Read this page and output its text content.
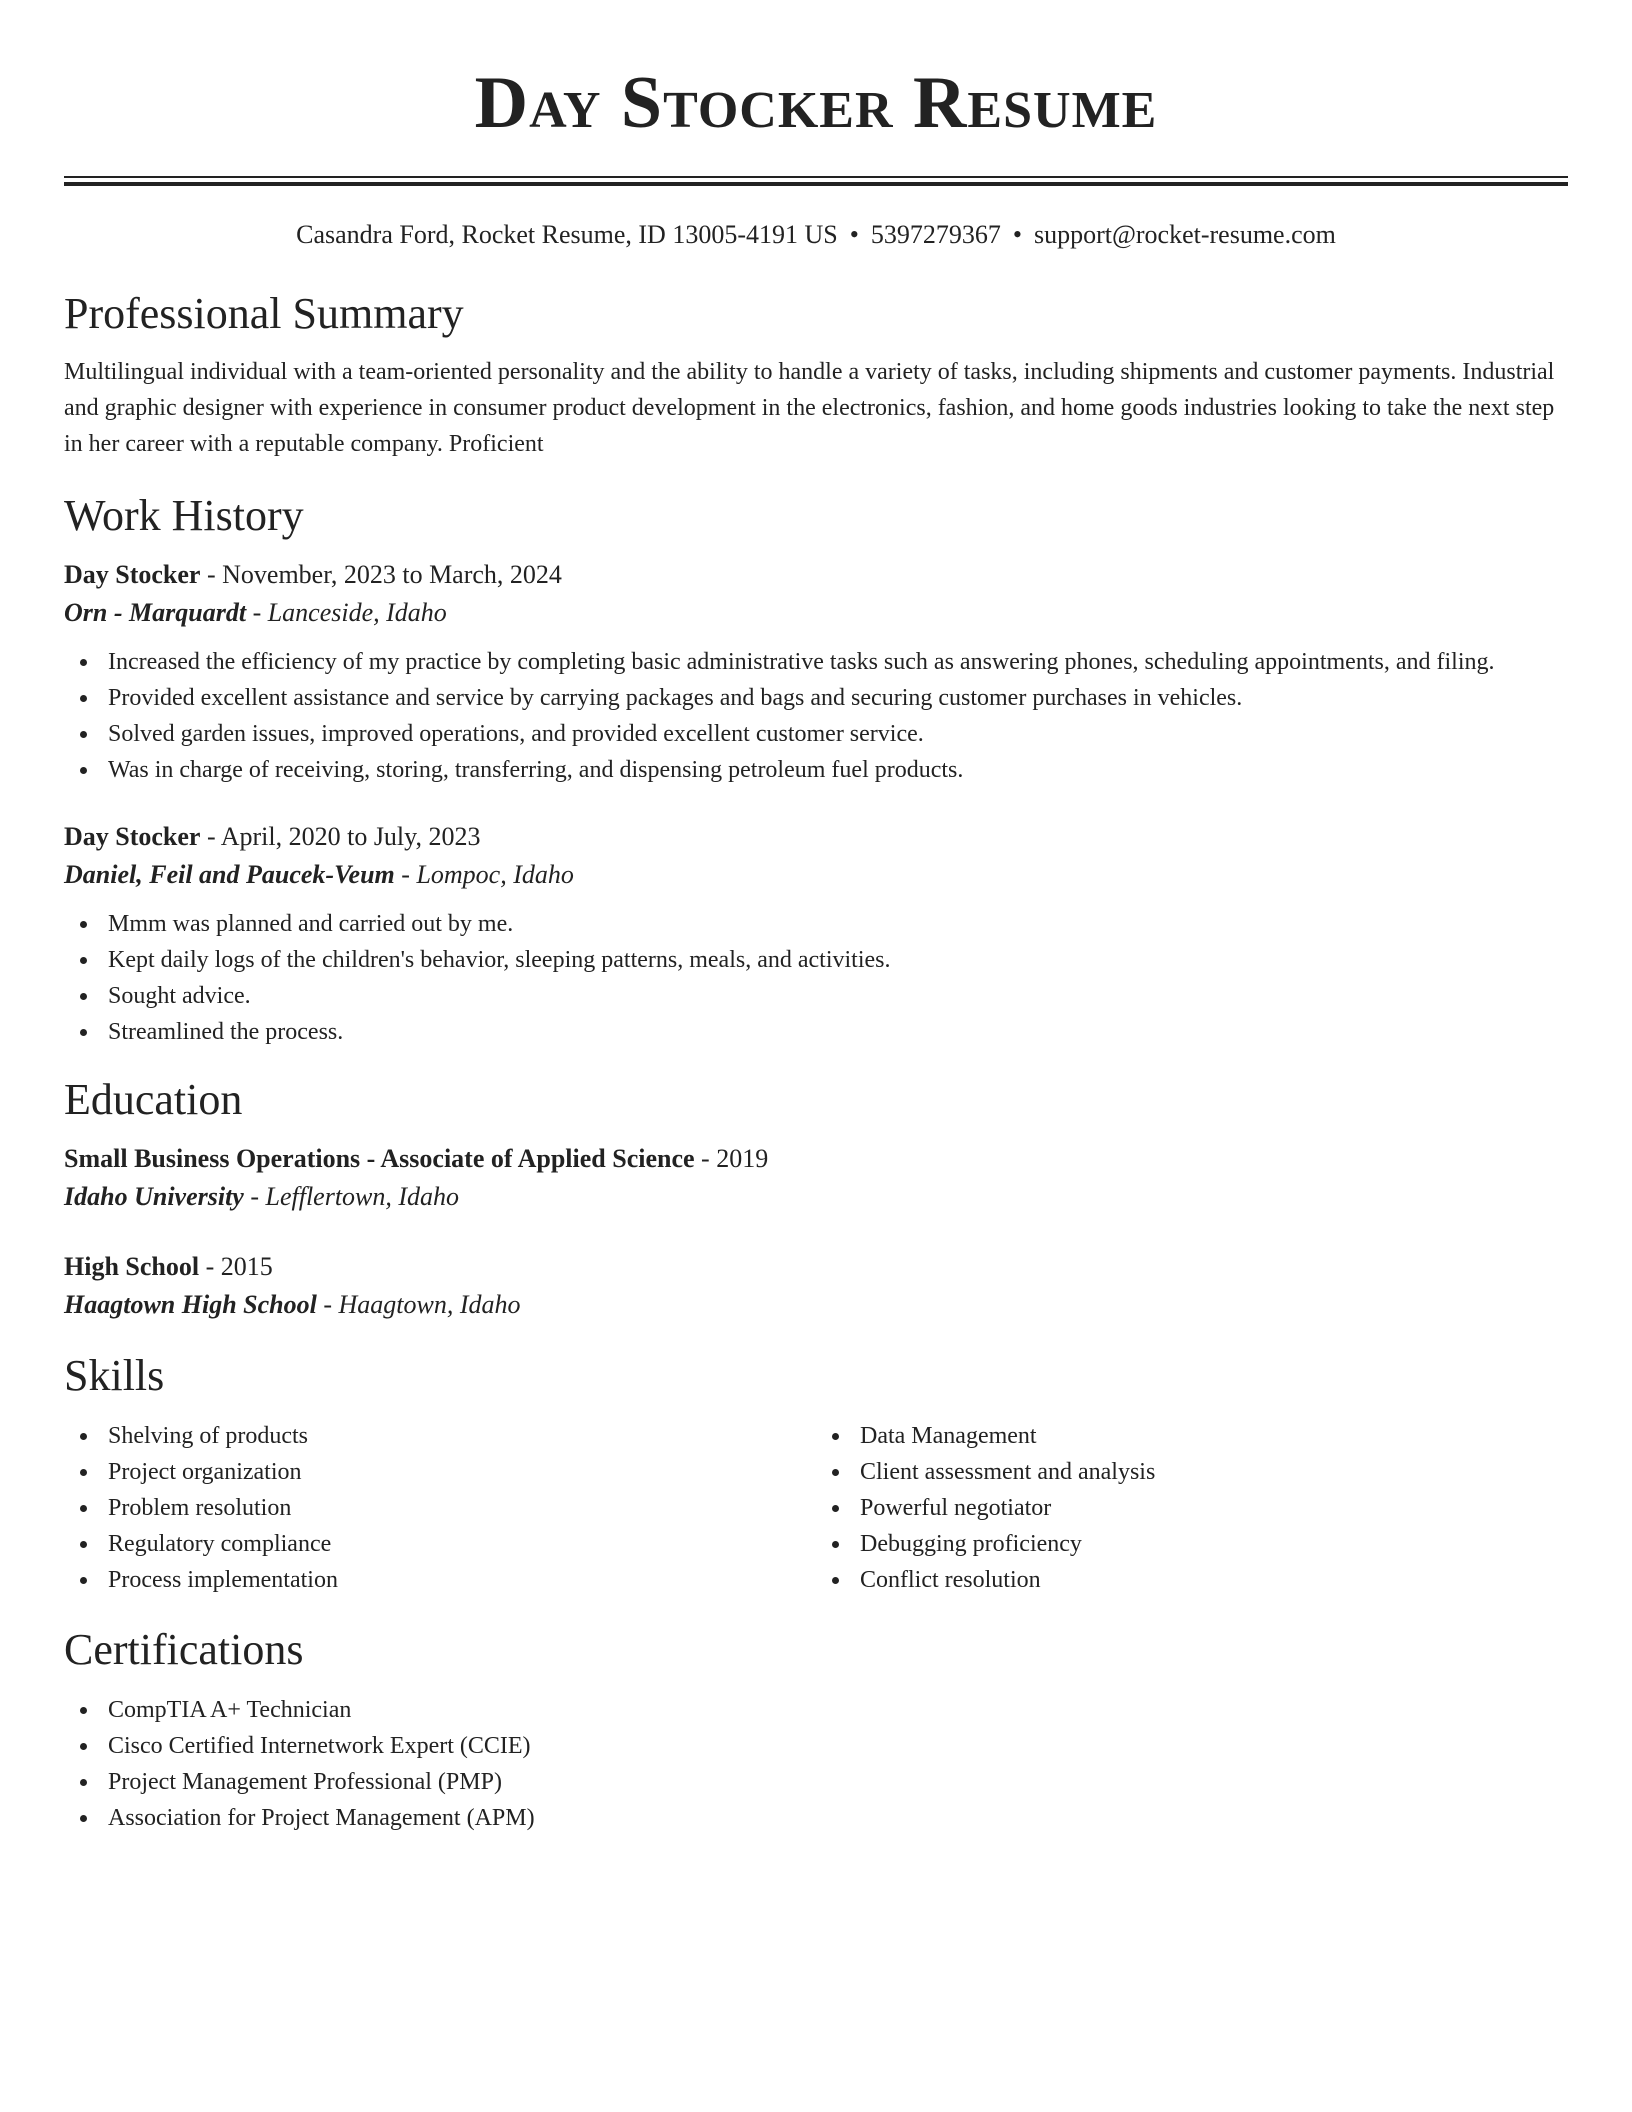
Day Stocker Resume
Casandra Ford, Rocket Resume, ID 13005-4191 US • 5397279367 • support@rocket-resume.com
Professional Summary

Multilingual individual with a team-oriented personality and the ability to handle a variety of tasks, including shipments and customer payments. Industrial and graphic designer with experience in consumer product development in the electronics, fashion, and home goods industries looking to take the next step in her career with a reputable company. Proficient

Work History

Day Stocker - November, 2023 to March, 2024

Orn - Marquardt - Lanceside, Idaho

Increased the efficiency of my practice by completing basic administrative tasks such as answering phones, scheduling appointments, and filing.
Provided excellent assistance and service by carrying packages and bags and securing customer purchases in vehicles.
Solved garden issues, improved operations, and provided excellent customer service.
Was in charge of receiving, storing, transferring, and dispensing petroleum fuel products.

Day Stocker - April, 2020 to July, 2023

Daniel, Feil and Paucek-Veum - Lompoc, Idaho

Mmm was planned and carried out by me.
Kept daily logs of the children's behavior, sleeping patterns, meals, and activities.
Sought advice.
Streamlined the process.
Education

Small Business Operations - Associate of Applied Science - 2019

Idaho University - Lefflertown, Idaho

High School - 2015

Haagtown High School - Haagtown, Idaho

Skills
Shelving of products
Project organization
Problem resolution
Regulatory compliance
Process implementation
Data Management
Client assessment and analysis
Powerful negotiator
Debugging proficiency
Conflict resolution
Certifications
CompTIA A+ Technician
Cisco Certified Internetwork Expert (CCIE)
Project Management Professional (PMP)
Association for Project Management (APM)
